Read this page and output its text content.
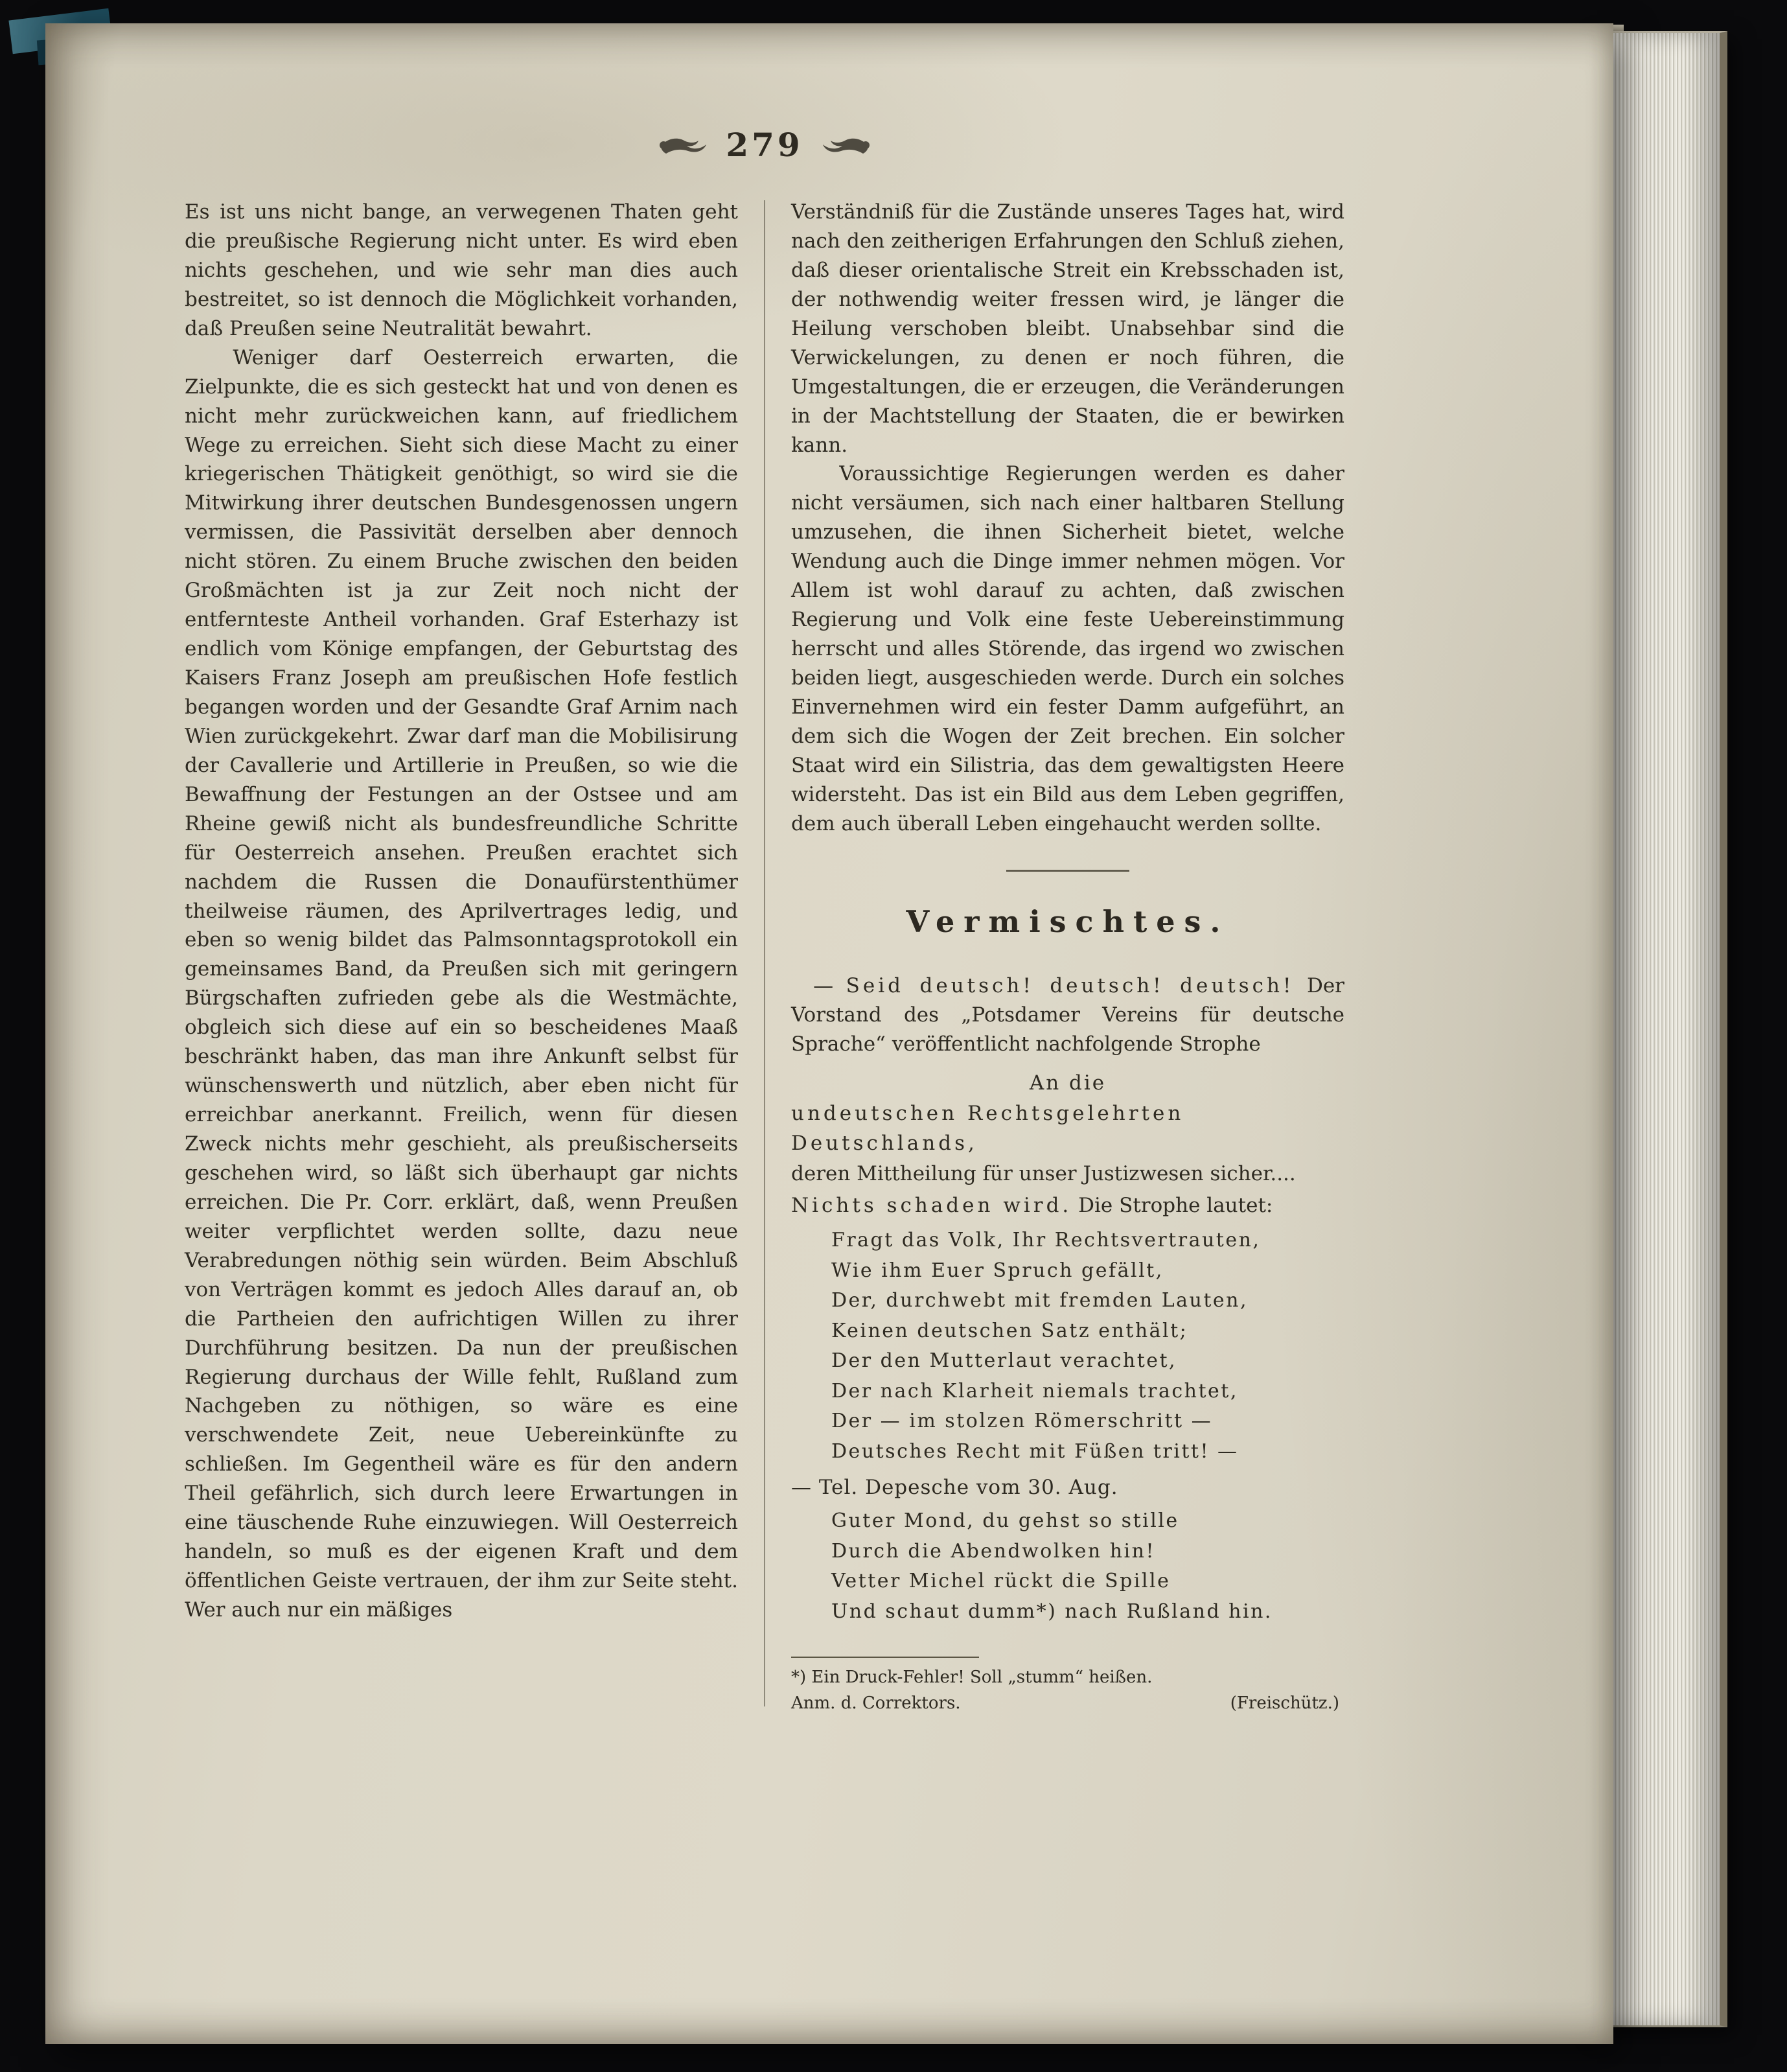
279

Es ist uns nicht bange, an verwegenen Thaten geht die preußische Regierung nicht unter. Es wird eben nichts geschehen, und wie sehr man dies auch bestreitet, so ist dennoch die Möglichkeit vorhanden, daß Preußen seine Neutralität bewahrt.

Weniger darf Oesterreich erwarten, die Zielpunkte, die es sich gesteckt hat und von denen es nicht mehr zurückweichen kann, auf friedlichem Wege zu erreichen. Sieht sich diese Macht zu einer kriegerischen Thätigkeit genöthigt, so wird sie die Mitwirkung ihrer deutschen Bundesgenossen ungern vermissen, die Passivität derselben aber dennoch nicht stören. Zu einem Bruche zwischen den beiden Großmächten ist ja zur Zeit noch nicht der entfernteste Antheil vorhanden. Graf Esterhazy ist endlich vom Könige empfangen, der Geburtstag des Kaisers Franz Joseph am preußischen Hofe festlich begangen worden und der Gesandte Graf Arnim nach Wien zurückgekehrt. Zwar darf man die Mobilisirung der Cavallerie und Artillerie in Preußen, so wie die Bewaffnung der Festungen an der Ostsee und am Rheine gewiß nicht als bundesfreundliche Schritte für Oesterreich ansehen. Preußen erachtet sich nachdem die Russen die Donaufürstenthümer theilweise räumen, des Aprilvertrages ledig, und eben so wenig bildet das Palmsonntagsprotokoll ein gemeinsames Band, da Preußen sich mit geringern Bürgschaften zufrieden gebe als die Westmächte, obgleich sich diese auf ein so bescheidenes Maaß beschränkt haben, das man ihre Ankunft selbst für wünschenswerth und nützlich, aber eben nicht für erreichbar anerkannt. Freilich, wenn für diesen Zweck nichts mehr geschieht, als preußischerseits geschehen wird, so läßt sich überhaupt gar nichts erreichen. Die Pr. Corr. erklärt, daß, wenn Preußen weiter verpflichtet werden sollte, dazu neue Verabredungen nöthig sein würden. Beim Abschluß von Verträgen kommt es jedoch Alles darauf an, ob die Partheien den aufrichtigen Willen zu ihrer Durchführung besitzen. Da nun der preußischen Regierung durchaus der Wille fehlt, Rußland zum Nachgeben zu nöthigen, so wäre es eine verschwendete Zeit, neue Uebereinkünfte zu schließen. Im Gegentheil wäre es für den andern Theil gefährlich, sich durch leere Erwartungen in eine täuschende Ruhe einzuwiegen. Will Oesterreich handeln, so muß es der eigenen Kraft und dem öffentlichen Geiste vertrauen, der ihm zur Seite steht. Wer auch nur ein mäßiges

Verständniß für die Zustände unseres Tages hat, wird nach den zeitherigen Erfahrungen den Schluß ziehen, daß dieser orientalische Streit ein Krebsschaden ist, der nothwendig weiter fressen wird, je länger die Heilung verschoben bleibt. Unabsehbar sind die Verwickelungen, zu denen er noch führen, die Umgestaltungen, die er erzeugen, die Veränderungen in der Machtstellung der Staaten, die er bewirken kann.

Voraussichtige Regierungen werden es daher nicht versäumen, sich nach einer haltbaren Stellung umzusehen, die ihnen Sicherheit bietet, welche Wendung auch die Dinge immer nehmen mögen. Vor Allem ist wohl darauf zu achten, daß zwischen Regierung und Volk eine feste Uebereinstimmung herrscht und alles Störende, das irgend wo zwischen beiden liegt, ausgeschieden werde. Durch ein solches Einvernehmen wird ein fester Damm aufgeführt, an dem sich die Wogen der Zeit brechen. Ein solcher Staat wird ein Silistria, das dem gewaltigsten Heere widersteht. Das ist ein Bild aus dem Leben gegriffen, dem auch überall Leben eingehaucht werden sollte.

Vermischtes.

— Seid deutsch! deutsch! deutsch! Der Vorstand des „Potsdamer Vereins für deutsche Sprache“ veröffentlicht nachfolgende Strophe

An die
undeutschen Rechtsgelehrten Deutschlands,
deren Mittheilung für unser Justizwesen sicher....

Nichts schaden wird. Die Strophe lautet:

Fragt das Volk, Ihr Rechtsvertrauten,
Wie ihm Euer Spruch gefällt,
Der, durchwebt mit fremden Lauten,
Keinen deutschen Satz enthält;
Der den Mutterlaut verachtet,
Der nach Klarheit niemals trachtet,
Der — im stolzen Römerschritt —
Deutsches Recht mit Füßen tritt! —

— Tel. Depesche vom 30. Aug.

Guter Mond, du gehst so stille
Durch die Abendwolken hin!
Vetter Michel rückt die Spille
Und schaut dumm*) nach Rußland hin.
*) Ein Druck-Fehler! Soll „stumm“ heißen.
Anm. d. Correktors.	(Freischütz.)
